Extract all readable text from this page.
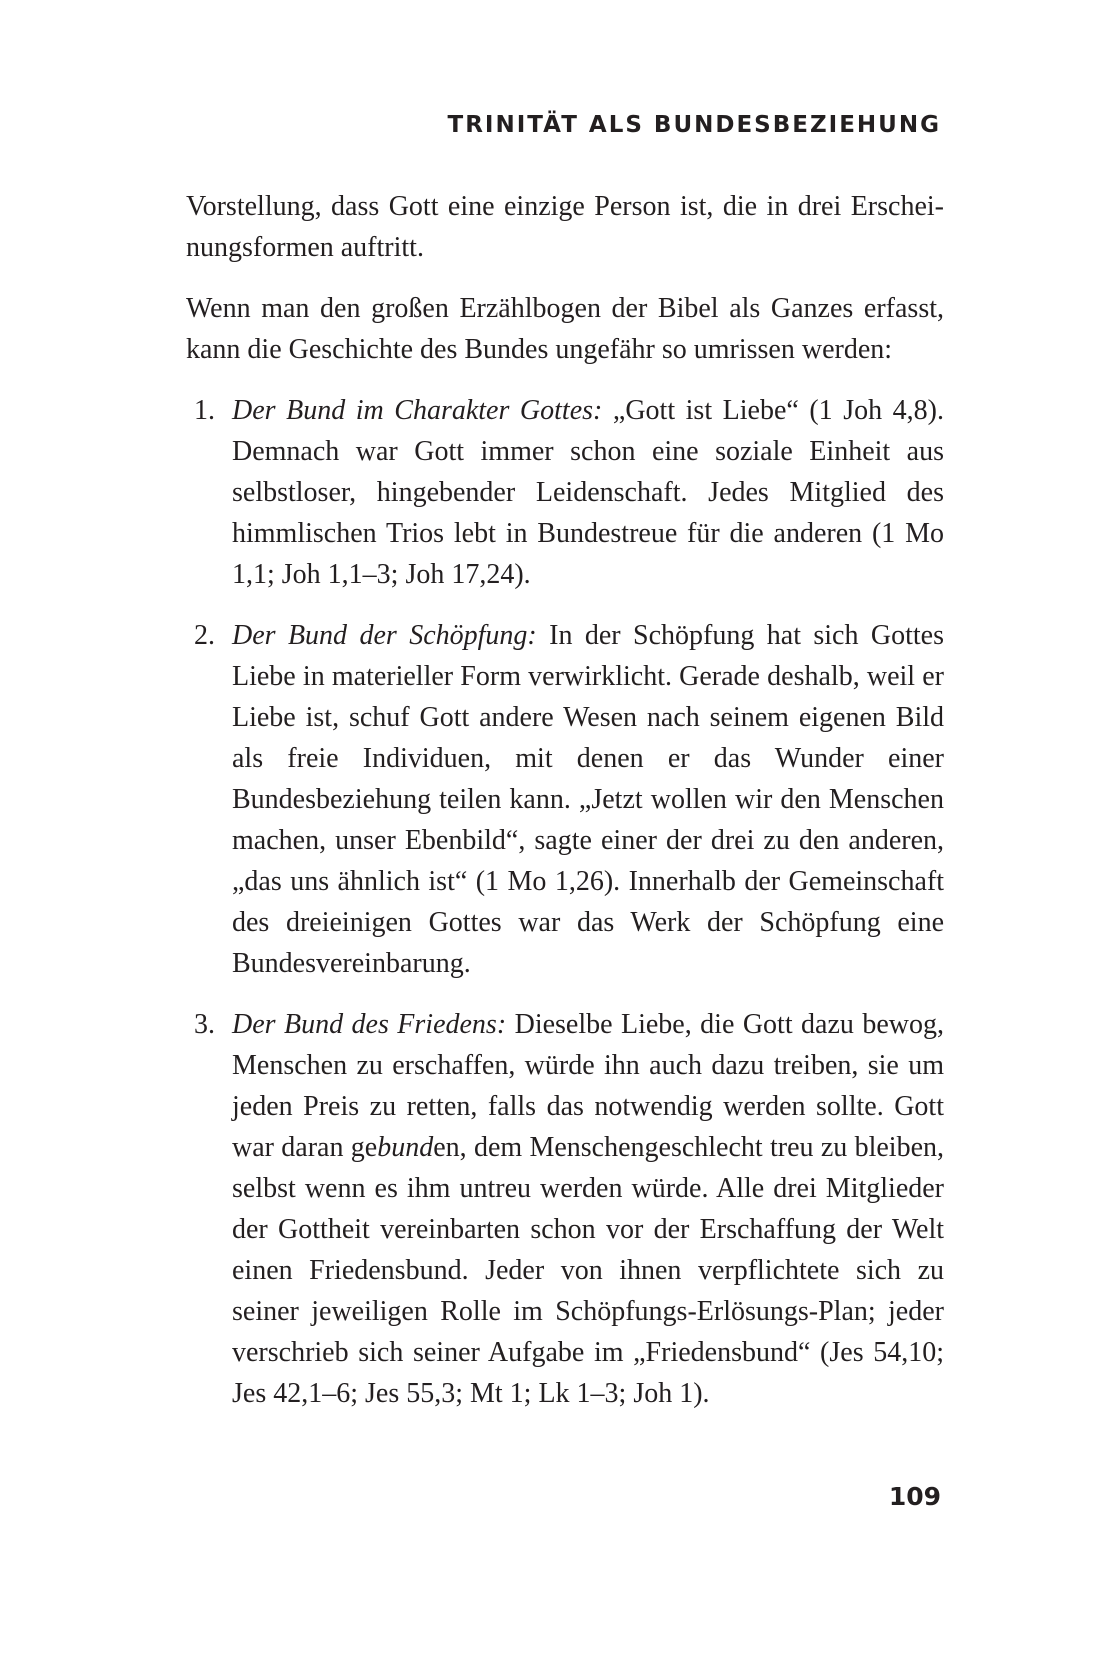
TRINITÄT ALS BUNDESBEZIEHUNG

Vorstellung, dass Gott eine einzige Person ist, die in drei Erscheinungsformen auftritt.

Wenn man den großen Erzählbogen der Bibel als Ganzes erfasst, kann die Geschichte des Bundes ungefähr so umrissen werden:

1. Der Bund im Charakter Gottes: „Gott ist Liebe“ (1 Joh 4,8). Demnach war Gott immer schon eine soziale Einheit aus selbstloser, hingebender Leidenschaft. Jedes Mitglied des himmlischen Trios lebt in Bundestreue für die anderen (1 Mo 1,1; Joh 1,1–3; Joh 17,24).
2. Der Bund der Schöpfung: In der Schöpfung hat sich Gottes Liebe in materieller Form verwirklicht. Gerade deshalb, weil er Liebe ist, schuf Gott andere Wesen nach seinem eigenen Bild als freie Individuen, mit denen er das Wunder einer Bundesbeziehung teilen kann. „Jetzt wollen wir den Menschen machen, unser Ebenbild“, sagte einer der drei zu den anderen, „das uns ähnlich ist“ (1 Mo 1,26). Innerhalb der Gemeinschaft des dreieinigen Gottes war das Werk der Schöpfung eine Bundesvereinbarung.
3. Der Bund des Friedens: Dieselbe Liebe, die Gott dazu bewog, Menschen zu erschaffen, würde ihn auch dazu treiben, sie um jeden Preis zu retten, falls das notwendig werden sollte. Gott war daran gebunden, dem Menschengeschlecht treu zu bleiben, selbst wenn es ihm untreu werden würde. Alle drei Mitglieder der Gottheit vereinbarten schon vor der Erschaffung der Welt einen Friedensbund. Jeder von ihnen verpflichtete sich zu seiner jeweiligen Rolle im Schöpfungs-Erlösungs-Plan; jeder verschrieb sich seiner Aufgabe im „Friedensbund“ (Jes 54,10; Jes 42,1–6; Jes 55,3; Mt 1; Lk 1–3; Joh 1).
109
